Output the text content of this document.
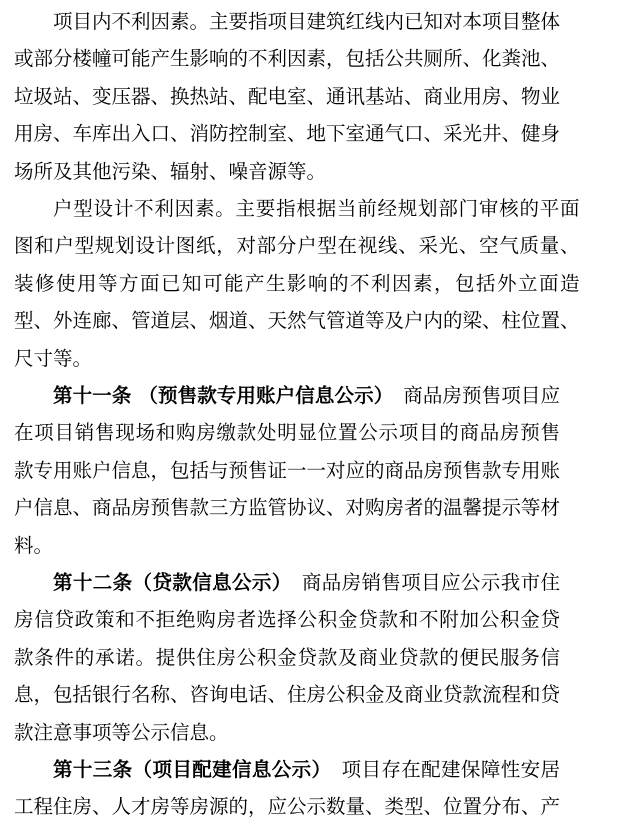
项目内不利因素。主要指项目建筑红线内已知对本项目整体
或部分楼幢可能产生影响的不利因素，包括公共厕所、化粪池、
垃圾站、变压器、换热站、配电室、通讯基站、商业用房、物业
用房、车库出入口、消防控制室、地下室通气口、采光井、健身
场所及其他污染、辐射、噪音源等。
户型设计不利因素。主要指根据当前经规划部门审核的平面
图和户型规划设计图纸，对部分户型在视线、采光、空气质量、
装修使用等方面已知可能产生影响的不利因素，包括外立面造
型、外连廊、管道层、烟道、天然气管道等及户内的梁、柱位置、
尺寸等。
第十一条 （预售款专用账户信息公示）　 商品房预售项目应
在项目销售现场和购房缴款处明显位置公示项目的商品房预售
款专用账户信息，包括与预售证一一对应的商品房预售款专用账
户信息、商品房预售款三方监管协议、对购房者的温馨提示等材
料。
第十二条（贷款信息公示）　 商品房销售项目应公示我市住
房信贷政策和不拒绝购房者选择公积金贷款和不附加公积金贷
款条件的承诺。提供住房公积金贷款及商业贷款的便民服务信
息，包括银行名称、咨询电话、住房公积金及商业贷款流程和贷
款注意事项等公示信息。
第十三条（项目配建信息公示）　 项目存在配建保障性安居
工程住房、人才房等房源的，应公示数量、类型、位置分布、产
